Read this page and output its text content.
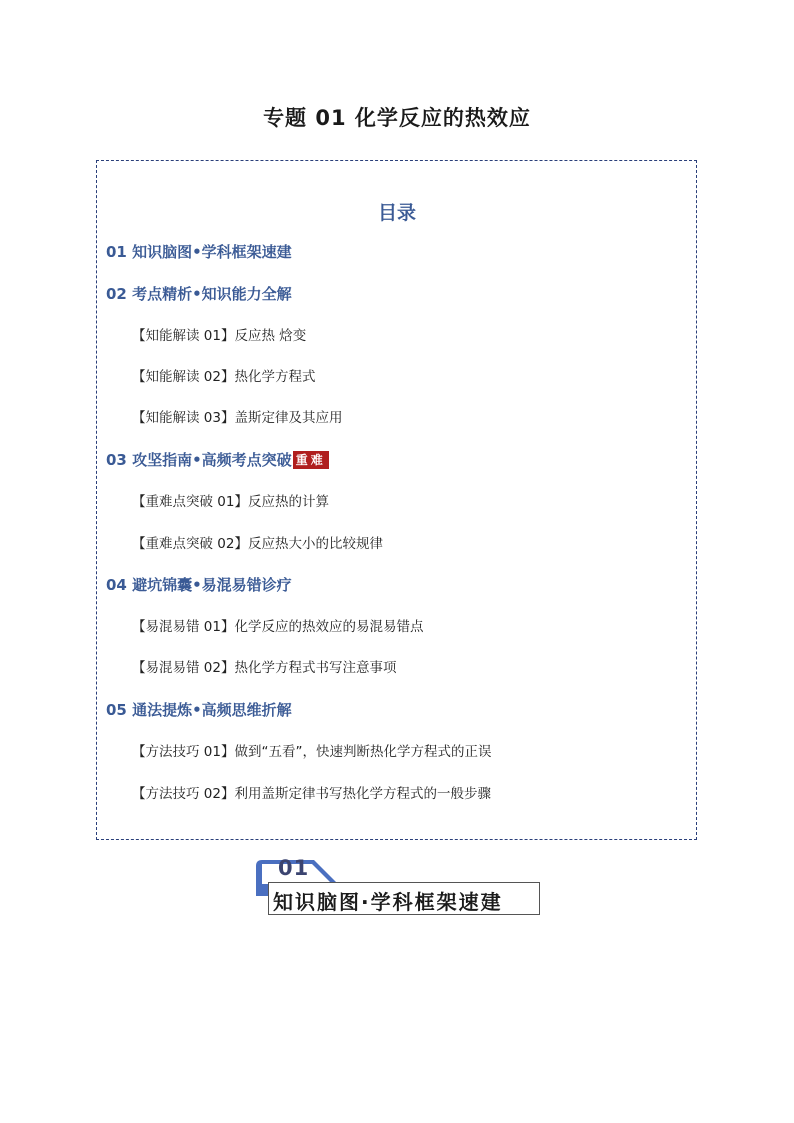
专题 01 化学反应的热效应
目录
01 知识脑图•学科框架速建
02 考点精析•知识能力全解
【知能解读 01】反应热 焓变
【知能解读 02】热化学方程式
【知能解读 03】盖斯定律及其应用
03 攻坚指南•高频考点突破 重难
【重难点突破 01】反应热的计算
【重难点突破 02】反应热大小的比较规律
04 避坑锦囊•易混易错诊疗
【易混易错 01】化学反应的热效应的易混易错点
【易混易错 02】热化学方程式书写注意事项
05 通法提炼•高频思维折解
【方法技巧 01】做到“五看”，快速判断热化学方程式的正误
【方法技巧 02】利用盖斯定律书写热化学方程式的一般步骤
01
知识脑图·学科框架速建
